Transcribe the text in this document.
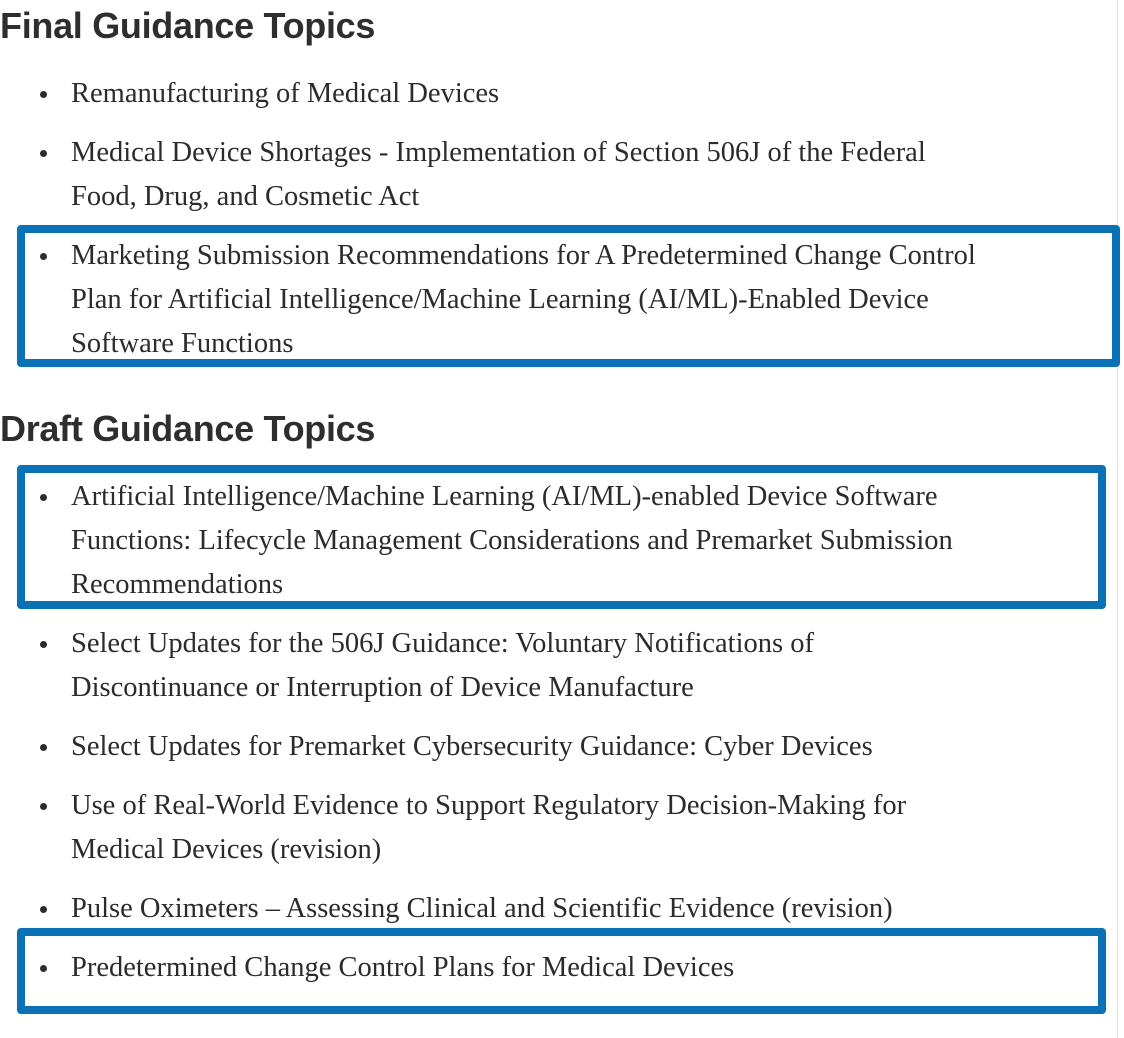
Final Guidance Topics
Remanufacturing of Medical Devices
Medical Device Shortages - Implementation of Section 506J of the Federal
Food, Drug, and Cosmetic Act
Marketing Submission Recommendations for A Predetermined Change Control
Plan for Artificial Intelligence/Machine Learning (AI/ML)-Enabled Device
Software Functions
Draft Guidance Topics
Artificial Intelligence/Machine Learning (AI/ML)-enabled Device Software
Functions: Lifecycle Management Considerations and Premarket Submission
Recommendations
Select Updates for the 506J Guidance: Voluntary Notifications of
Discontinuance or Interruption of Device Manufacture
Select Updates for Premarket Cybersecurity Guidance: Cyber Devices
Use of Real-World Evidence to Support Regulatory Decision-Making for
Medical Devices (revision)
Pulse Oximeters – Assessing Clinical and Scientific Evidence (revision)
Predetermined Change Control Plans for Medical Devices
